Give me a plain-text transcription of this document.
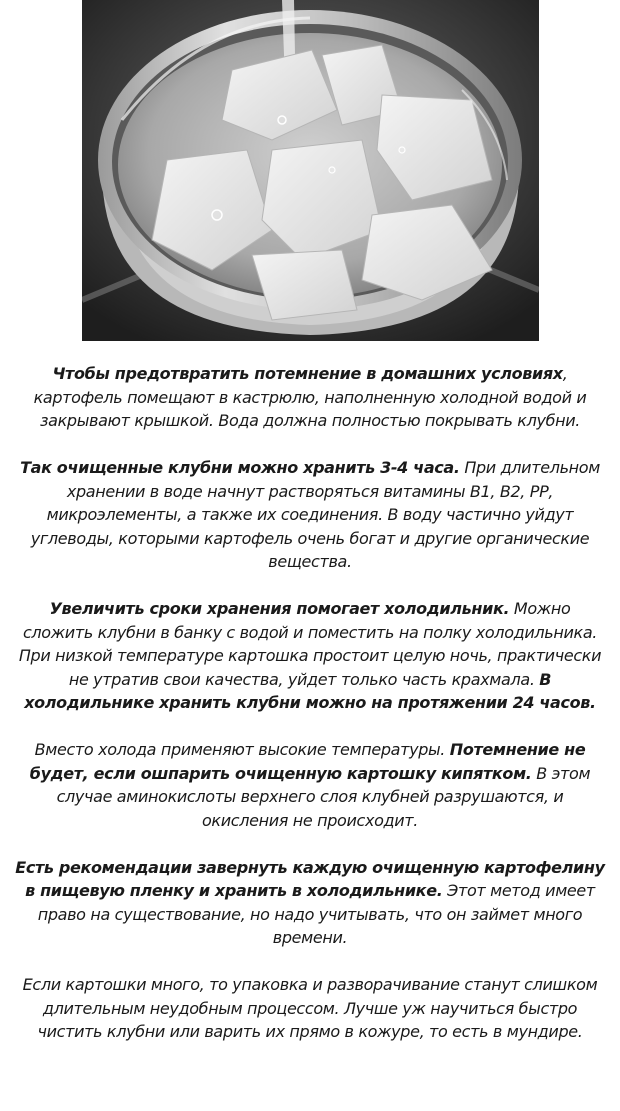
Чтобы предотвратить потемнение в домашних условиях, картофель помещают в кастрюлю, наполненную холодной водой и закрывают крышкой. Вода должна полностью покрывать клубни.

Так очищенные клубни можно хранить 3-4 часа. При длительном хранении в воде начнут растворяться витамины В1, В2, РР, микроэлементы, а также их соединения. В воду частично уйдут углеводы, которыми картофель очень богат и другие органические вещества.

Увеличить сроки хранения помогает холодильник. Можно сложить клубни в банку с водой и поместить на полку холодильника. При низкой температуре картошка простоит целую ночь, практически не утратив свои качества, уйдет только часть крахмала. В холодильнике хранить клубни можно на протяжении 24 часов.

Вместо холода применяют высокие температуры. Потемнение не будет, если ошпарить очищенную картошку кипятком. В этом случае аминокислоты верхнего слоя клубней разрушаются, и окисления не происходит.

Есть рекомендации завернуть каждую очищенную картофелину в пищевую пленку и хранить в холодильнике. Этот метод имеет право на существование, но надо учитывать, что он займет много времени.

Если картошки много, то упаковка и разворачивание станут слишком длительным неудобным процессом. Лучше уж научиться быстро чистить клубни или варить их прямо в кожуре, то есть в мундире.
